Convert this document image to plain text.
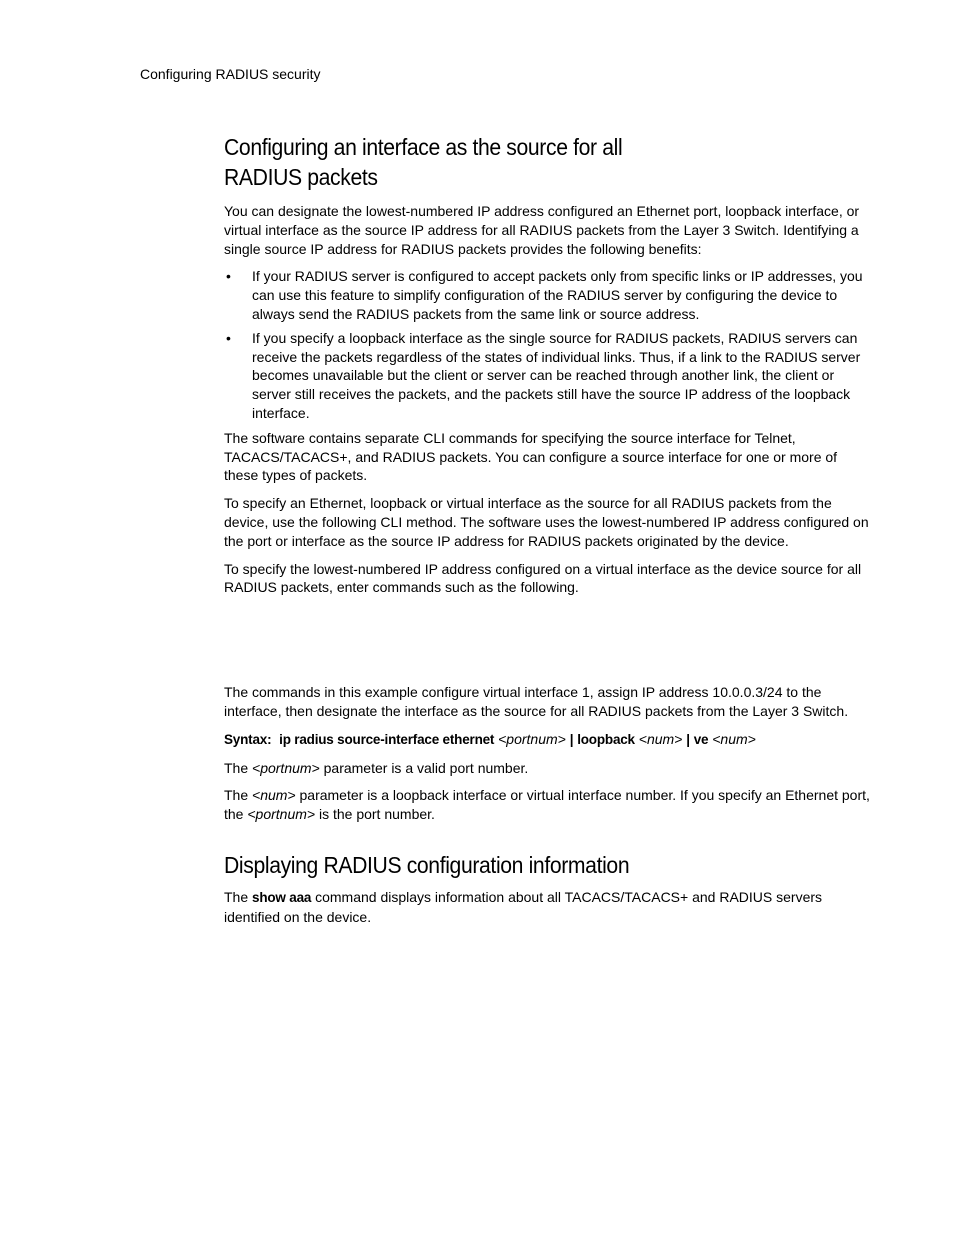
Configuring RADIUS security
Configuring an interface as the source for all
RADIUS packets

You can designate the lowest-numbered IP address configured an Ethernet port, loopback interface, or virtual interface as the source IP address for all RADIUS packets from the Layer 3 Switch. Identifying a single source IP address for RADIUS packets provides the following benefits:

• If your RADIUS server is configured to accept packets only from specific links or IP addresses, you can use this feature to simplify configuration of the RADIUS server by configuring the device to always send the RADIUS packets from the same link or source address.
• If you specify a loopback interface as the single source for RADIUS packets, RADIUS servers can receive the packets regardless of the states of individual links. Thus, if a link to the RADIUS server becomes unavailable but the client or server can be reached through another link, the client or server still receives the packets, and the packets still have the source IP address of the loopback interface.

The software contains separate CLI commands for specifying the source interface for Telnet, TACACS/TACACS+, and RADIUS packets. You can configure a source interface for one or more of these types of packets.

To specify an Ethernet, loopback or virtual interface as the source for all RADIUS packets from the device, use the following CLI method. The software uses the lowest-numbered IP address configured on the port or interface as the source IP address for RADIUS packets originated by the device.

To specify the lowest-numbered IP address configured on a virtual interface as the device source for all RADIUS packets, enter commands such as the following.

The commands in this example configure virtual interface 1, assign IP address 10.0.0.3/24 to the interface, then designate the interface as the source for all RADIUS packets from the Layer 3 Switch.

Syntax: ip radius source-interface ethernet <portnum> | loopback <num> | ve <num>

The <portnum> parameter is a valid port number.

The <num> parameter is a loopback interface or virtual interface number. If you specify an Ethernet port, the <portnum> is the port number.

Displaying RADIUS configuration information

The show aaa command displays information about all TACACS/TACACS+ and RADIUS servers identified on the device.
